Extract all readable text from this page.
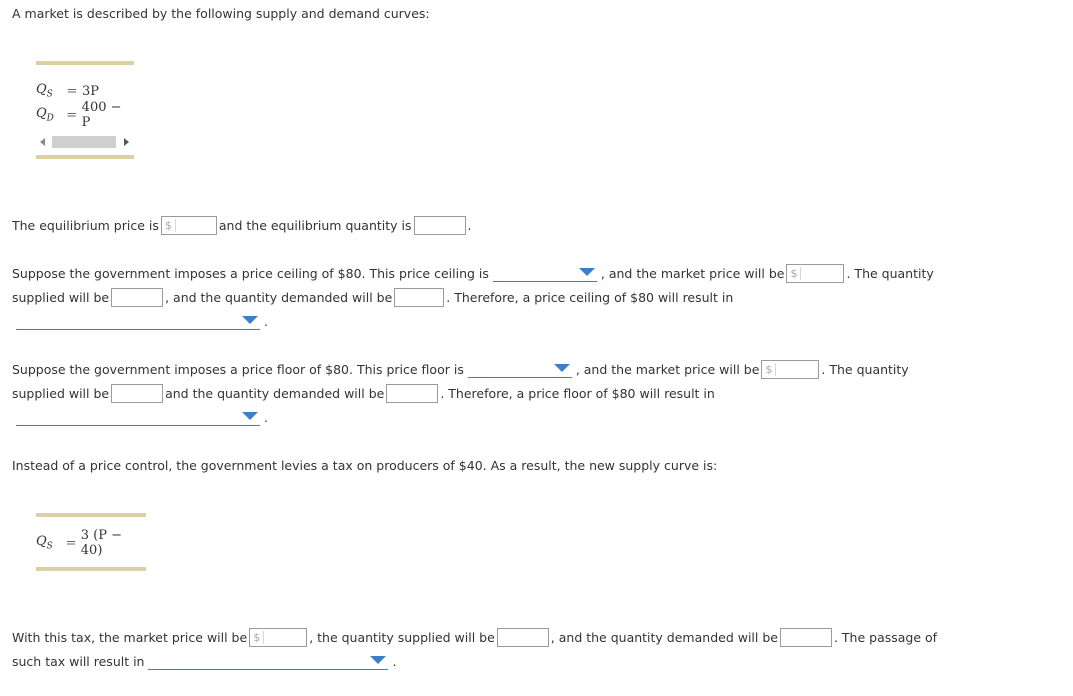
A market is described by the following supply and demand curves:
$Q_S$	= 3P
$Q_D = 400 - P$
The equilibrium price is $	and the equilibrium quantity is	.
Suppose the government imposes a price ceiling of $80. This price ceiling is	, and the market price will be $	. The quantity
supplied will be	, and the quantity demanded will be	. Therefore, a price ceiling of $80 will result in
.
Suppose the government imposes a price floor of $80. This price floor is	, and the market price will be $	. The quantity
supplied will be	and the quantity demanded will be	. Therefore, a price floor of $80 will result in
.
Instead of a price control, the government levies a tax on producers of $40. As a result, the new supply curve is:
$Q_S = 3$ (P − 40)
With this tax, the market price will be $	, the quantity supplied will be	, and the quantity demanded will be	. The passage of
such tax will result in	.
